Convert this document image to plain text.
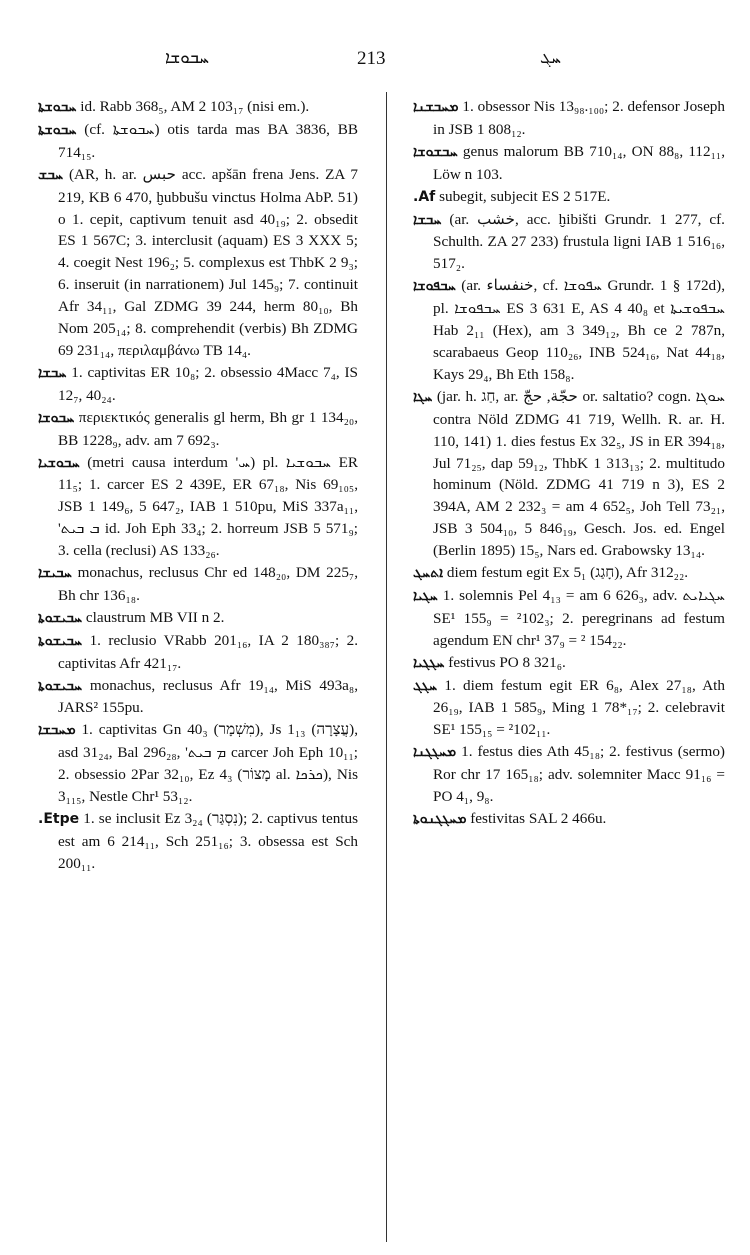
ܚܒܘܫܐ	213	ܚܓ

ܚܒܘܫܬܐ id. Rabb 368₅, AM 2 103₁₇ (nisi em.).

ܚܒܘܫܬܐ (cf. ܚܒܘܫܬܐ) otis tarda mas BA 3836, BB 714₁₅.

ܚܒܫ (AR, h. ar. حبس acc. apšān frena Jens. ZA 7 219, KB 6 470, ḫubbušu vinctus Holma AbP. 51) o 1. cepit, captivum tenuit asd 40₁₉; 2. obsedit ES 1 567C; 3. interclusit (aquam) ES 3 XXX 5; 4. coegit Nest 196₂; 5. complexus est ThbK 2 9₃; 6. inseruit (in narrationem) Jul 145₉; 7. continuit Afr 34₁₁, Gal ZDMG 39 244, herm 80₁₀, Bh Nom 205₁₄; 8. comprehendit (verbis) Bh ZDMG 69 231₁₄, περιλαμβάνω TB 14₄.

ܚܒܫܐ 1. captivitas ER 10₈; 2. obsessio 4Macc 7₄, IS 12₇, 40₂₄.

ܚܒܘܫܐ περιεκτικός generalis gl herm, Bh gr 1 134₂₀, BB 1228₉, adv. am 7 692₃.

ܚܒܘܫܝܐ (metri causa interdum 'ܚ) pl. ܚܒܘܫܝܐ ER 11₅; 1. carcer ES 2 439E, ER 67₁₈, Nis 69₁₀₅, JSB 1 149₆, 5 647₂, IAB 1 510pu, MiS 337a₁₁, 'ܒ ܒܝܬ id. Joh Eph 33₄; 2. horreum JSB 5 571₉; 3. cella (reclusi) AS 133₂₆.

ܚܒܝܫܐ monachus, reclusus Chr ed 148₂₀, DM 225₇, Bh chr 136₁₈.

ܚܒܝܫܘܬܐ claustrum MB VII n 2.

ܚܒܝܫܘܬܐ 1. reclusio VRabb 201₁₆, IA 2 180₃₈₇; 2. captivitas Afr 421₁₇.

ܚܒܝܫܘܬܐ monachus, reclusus Afr 19₁₄, MiS 493a₈, JARS² 155pu.

ܡܚܒܫܐ 1. captivitas Gn 40₃ (מִשְׁמָר), Js 1₁₃ (עֲצָרָה), asd 31₂₄, Bal 296₂₈, 'ܡ ܒܝܬ carcer Joh Eph 10₁₁; 2. obsessio 2Par 32₁₀, Ez 4₃ (מָצוֹר al. ܟܪܟܐ), Nis 3₁₁₅, Nestle Chr¹ 53₁₂.

Etpe. 1. se inclusit Ez 3₂₄ (נִסְגַּר); 2. captivus tentus est am 6 214₁₁, Sch 251₁₆; 3. obsessa est Sch 200₁₁.

ܡܚܒܫܢܐ 1. obsessor Nis 13₉₈.₁₀₀; 2. defensor Joseph in JSB 1 808₁₂.

ܚܒܫܘܫܐ genus malorum BB 710₁₄, ON 88₈, 112₁₁, Löw n 103.

Af. subegit, subjecit ES 2 517E.

ܚܒܫܐ (ar. خشب, acc. ḫibišti Grundr. 1 277, cf. Schulth. ZA 27 233) frustula ligni IAB 1 516₁₆, 517₂.

ܚܒܦܘܫܐ (ar. خنفساء, cf. ܚܦܘܫܐ Grundr. 1 § 172d), pl. ܚܒܦܘܫܐ ES 3 631 E, AS 4 40₈ et ܚܒܦܘܫܝܬܐ Hab 2₁₁ (Hex), am 3 349₁₂, Bh ce 2 787n, scarabaeus Geop 110₂₆, INB 524₁₆, Nat 44₁₈, Kays 29₄, Bh Eth 158₈.

ܚܓܐ (jar. h. חַג, ar. حجّة, حجّ or. saltatio? cogn. ܚܘܓܐ contra Nöld ZDMG 41 719, Wellh. R. ar. H. 110, 141) 1. dies festus Ex 32₅, JS in ER 394₁₈, Jul 71₂₅, dap 59₁₂, ThbK 1 313₁₃; 2. multitudo hominum (Nöld. ZDMG 41 719 n 3), ES 2 394A, AM 2 232₃ = am 4 652₅, Joh Tell 73₂₁, JSB 3 504₁₀, 5 846₁₉, Gesch. Jos. ed. Engel (Berlin 1895) 15₅, Nars ed. Grabowsky 13₁₄.

ܐܬܚܓ diem festum egit Ex 5₁ (חָגַג), Afr 312₂₂.

ܚܓܝܐ 1. solemnis Pel 4₁₃ = am 6 626₃, adv. ܚܓܝܐܝܬ SE¹ 155₉ = ²102₃; 2. peregrinans ad festum agendum EN chr¹ 37₉ = ² 154₂₂.

ܚܓܓܝܐ festivus PO 8 321₆.

ܚܓܓ 1. diem festum egit ER 6₈, Alex 27₁₈, Ath 26₁₉, IAB 1 585₉, Ming 1 78*₁₇; 2. celebravit SE¹ 155₁₅ = ²102₁₁.

ܡܚܓܓܢܐ 1. festus dies Ath 45₁₈; 2. festivus (sermo) Ror chr 17 165₁₈; adv. solemniter Macc 91₁₆ = PO 4₁, 9₈.

ܡܚܓܓܢܘܬܐ festivitas SAL 2 466u.
